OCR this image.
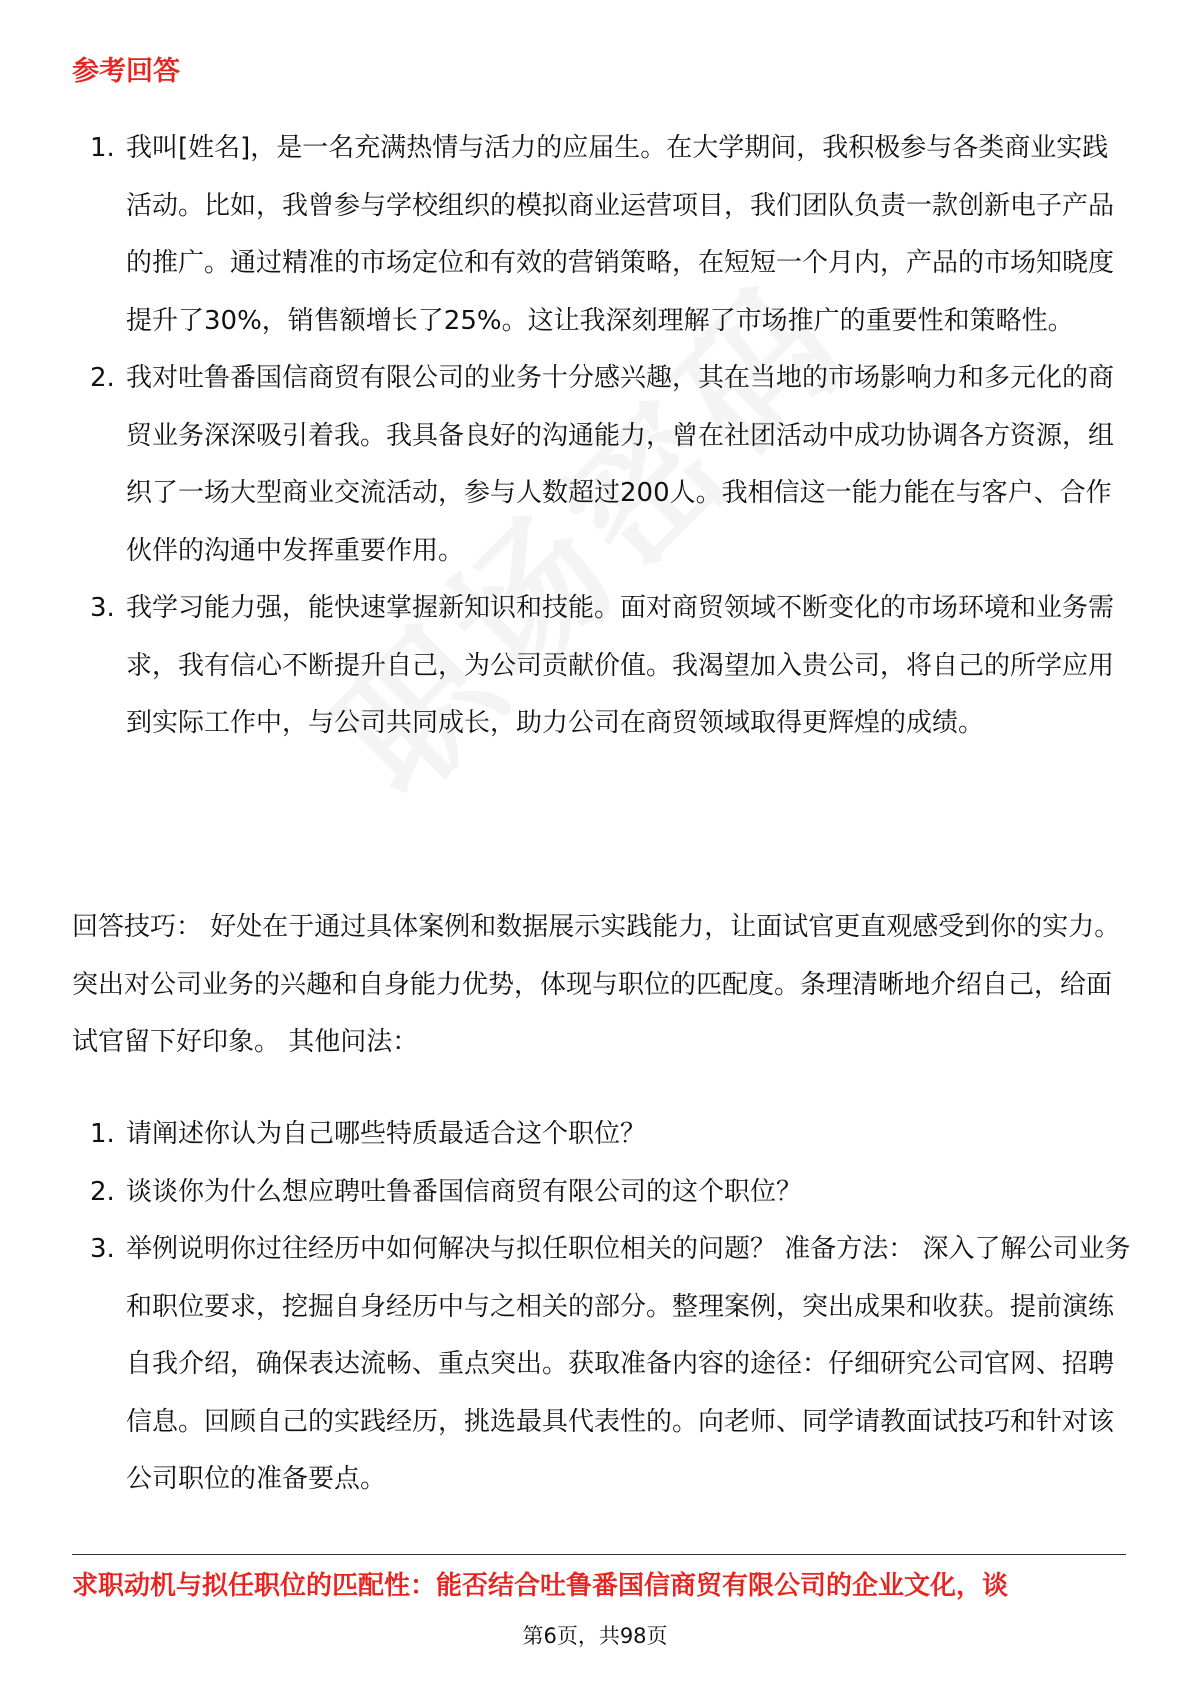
参考回答
1. 我叫[姓名]，是一名充满热情与活力的应届生。在大学期间，我积极参与各类商业实践活动。比如，我曾参与学校组织的模拟商业运营项目，我们团队负责一款创新电子产品的推广。通过精准的市场定位和有效的营销策略，在短短一个月内，产品的市场知晓度提升了30%，销售额增长了25%。这让我深刻理解了市场推广的重要性和策略性。
2. 我对吐鲁番国信商贸有限公司的业务十分感兴趣，其在当地的市场影响力和多元化的商贸业务深深吸引着我。我具备良好的沟通能力，曾在社团活动中成功协调各方资源，组织了一场大型商业交流活动，参与人数超过200人。我相信这一能力能在与客户、合作伙伴的沟通中发挥重要作用。
3. 我学习能力强，能快速掌握新知识和技能。面对商贸领域不断变化的市场环境和业务需求，我有信心不断提升自己，为公司贡献价值。我渴望加入贵公司，将自己的所学应用到实际工作中，与公司共同成长，助力公司在商贸领域取得更辉煌的成绩。

回答技巧： 好处在于通过具体案例和数据展示实践能力，让面试官更直观感受到你的实力。突出对公司业务的兴趣和自身能力优势，体现与职位的匹配度。条理清晰地介绍自己，给面试官留下好印象。 其他问法：

1. 请阐述你认为自己哪些特质最适合这个职位？
2. 谈谈你为什么想应聘吐鲁番国信商贸有限公司的这个职位？
3. 举例说明你过往经历中如何解决与拟任职位相关的问题？ 准备方法： 深入了解公司业务和职位要求，挖掘自身经历中与之相关的部分。整理案例，突出成果和收获。提前演练自我介绍，确保表达流畅、重点突出。获取准备内容的途径：仔细研究公司官网、招聘信息。回顾自己的实践经历，挑选最具代表性的。向老师、同学请教面试技巧和针对该公司职位的准备要点。
求职动机与拟任职位的匹配性：能否结合吐鲁番国信商贸有限公司的企业文化，谈
第6页，共98页
